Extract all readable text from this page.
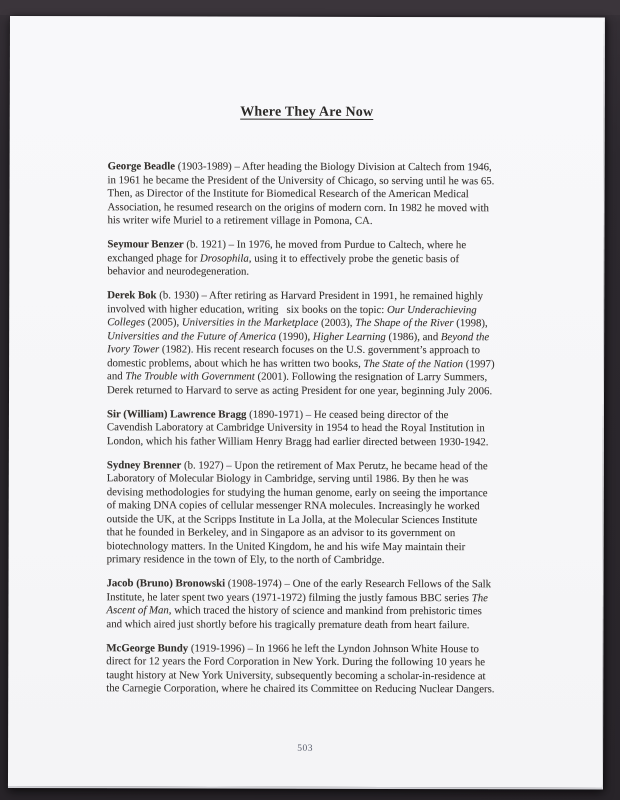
Where They Are Now

George Beadle (1903-1989) – After heading the Biology Division at Caltech from 1946,
in 1961 he became the President of the University of Chicago, so serving until he was 65.
Then, as Director of the Institute for Biomedical Research of the American Medical
Association, he resumed research on the origins of modern corn. In 1982 he moved with
his writer wife Muriel to a retirement village in Pomona, CA.

Seymour Benzer (b. 1921) – In 1976, he moved from Purdue to Caltech, where he
exchanged phage for Drosophila, using it to effectively probe the genetic basis of
behavior and neurodegeneration.

Derek Bok (b. 1930) – After retiring as Harvard President in 1991, he remained highly
involved with higher education, writing   six books on the topic: Our Underachieving
Colleges (2005), Universities in the Marketplace (2003), The Shape of the River (1998),
Universities and the Future of America (1990), Higher Learning (1986), and Beyond the
Ivory Tower (1982). His recent research focuses on the U.S. government’s approach to
domestic problems, about which he has written two books, The State of the Nation (1997)
and The Trouble with Government (2001). Following the resignation of Larry Summers,
Derek returned to Harvard to serve as acting President for one year, beginning July 2006.

Sir (William) Lawrence Bragg (1890-1971) – He ceased being director of the
Cavendish Laboratory at Cambridge University in 1954 to head the Royal Institution in
London, which his father William Henry Bragg had earlier directed between 1930-1942.

Sydney Brenner (b. 1927) – Upon the retirement of Max Perutz, he became head of the
Laboratory of Molecular Biology in Cambridge, serving until 1986. By then he was
devising methodologies for studying the human genome, early on seeing the importance
of making DNA copies of cellular messenger RNA molecules. Increasingly he worked
outside the UK, at the Scripps Institute in La Jolla, at the Molecular Sciences Institute
that he founded in Berkeley, and in Singapore as an advisor to its government on
biotechnology matters. In the United Kingdom, he and his wife May maintain their
primary residence in the town of Ely, to the north of Cambridge.

Jacob (Bruno) Bronowski (1908-1974) – One of the early Research Fellows of the Salk
Institute, he later spent two years (1971-1972) filming the justly famous BBC series The
Ascent of Man, which traced the history of science and mankind from prehistoric times
and which aired just shortly before his tragically premature death from heart failure.

McGeorge Bundy (1919-1996) – In 1966 he left the Lyndon Johnson White House to
direct for 12 years the Ford Corporation in New York. During the following 10 years he
taught history at New York University, subsequently becoming a scholar-in-residence at
the Carnegie Corporation, where he chaired its Committee on Reducing Nuclear Dangers.

503
